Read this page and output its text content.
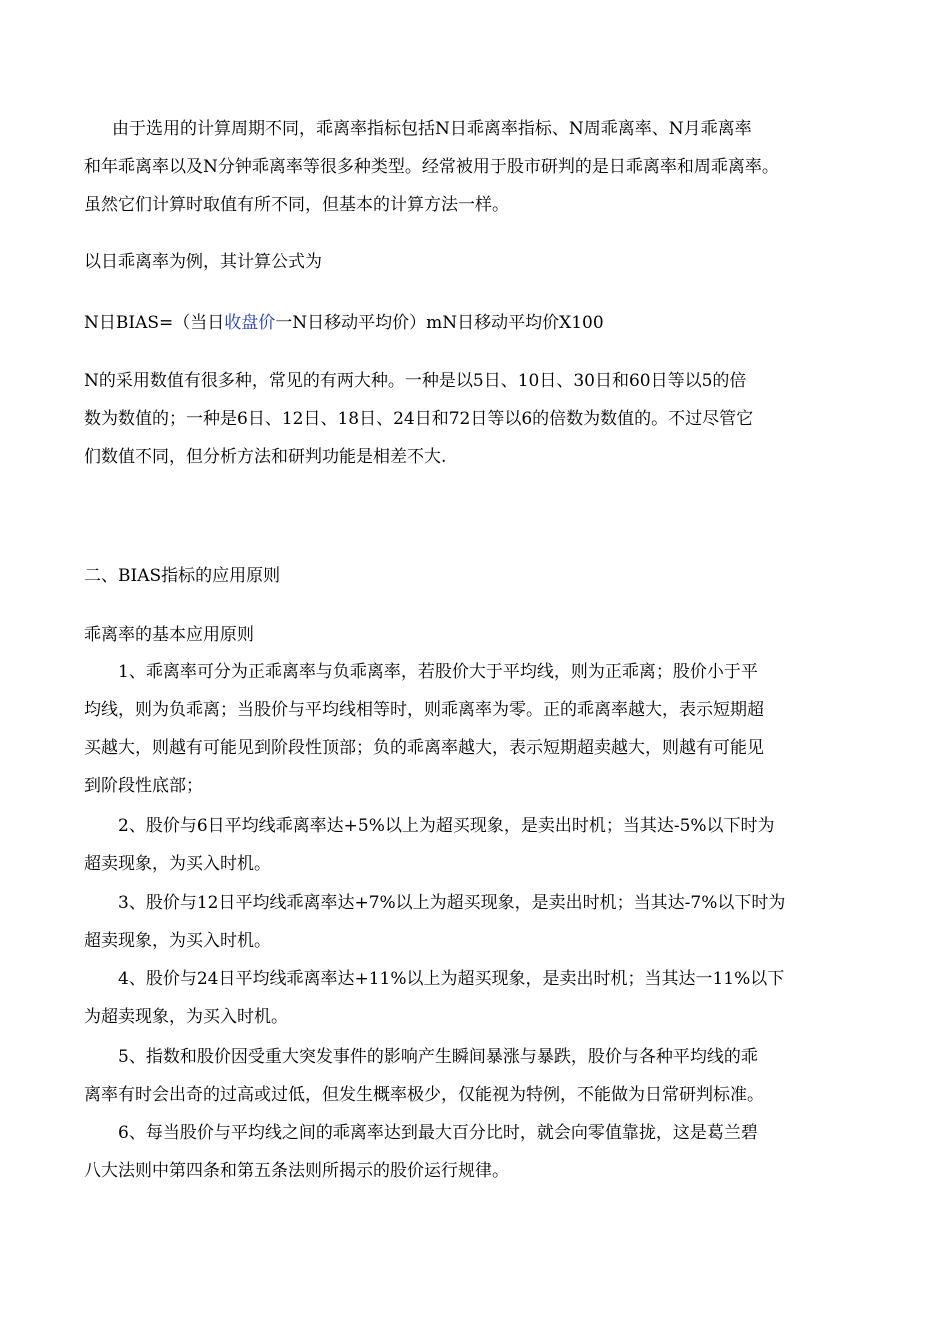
由于选用的计算周期不同，乖离率指标包括N日乖离率指标、N周乖离率、N月乖离率
和年乖离率以及N分钟乖离率等很多种类型。经常被用于股市研判的是日乖离率和周乖离率。
虽然它们计算时取值有所不同，但基本的计算方法一样。
以日乖离率为例，其计算公式为
N日BIAS=（当日收盘价一N日移动平均价）mN日移动平均价X100
N的采用数值有很多种，常见的有两大种。一种是以5日、10日、30日和60日等以5的倍
数为数值的；一种是6日、12日、18日、24日和72日等以6的倍数为数值的。不过尽管它
们数值不同，但分析方法和研判功能是相差不大.
二、BIAS指标的应用原则
乖离率的基本应用原则
1、乖离率可分为正乖离率与负乖离率，若股价大于平均线，则为正乖离；股价小于平
均线，则为负乖离；当股价与平均线相等时，则乖离率为零。正的乖离率越大，表示短期超
买越大，则越有可能见到阶段性顶部；负的乖离率越大，表示短期超卖越大，则越有可能见
到阶段性底部；
2、股价与6日平均线乖离率达+5%以上为超买现象，是卖出时机；当其达-5%以下时为
超卖现象，为买入时机。
3、股价与12日平均线乖离率达+7%以上为超买现象，是卖出时机；当其达-7%以下时为
超卖现象，为买入时机。
4、股价与24日平均线乖离率达+11%以上为超买现象，是卖出时机；当其达一11%以下
为超卖现象，为买入时机。
5、指数和股价因受重大突发事件的影响产生瞬间暴涨与暴跌，股价与各种平均线的乖
离率有时会出奇的过高或过低，但发生概率极少，仅能视为特例，不能做为日常研判标准。
6、每当股价与平均线之间的乖离率达到最大百分比时，就会向零值靠拢，这是葛兰碧
八大法则中第四条和第五条法则所揭示的股价运行规律。
